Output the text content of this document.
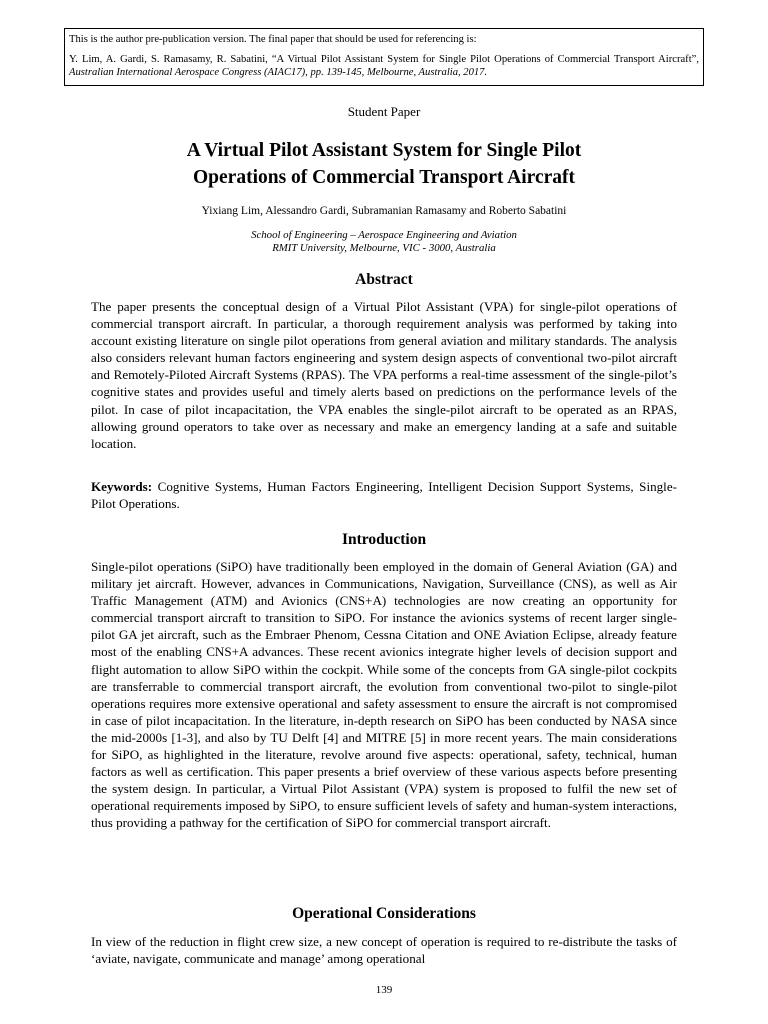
This is the author pre-publication version. The final paper that should be used for referencing is:

Y. Lim, A. Gardi, S. Ramasamy, R. Sabatini, “A Virtual Pilot Assistant System for Single Pilot Operations of Commercial Transport Aircraft”, Australian International Aerospace Congress (AIAC17), pp. 139-145, Melbourne, Australia, 2017.

Student Paper
A Virtual Pilot Assistant System for Single Pilot
Operations of Commercial Transport Aircraft
Yixiang Lim, Alessandro Gardi, Subramanian Ramasamy and Roberto Sabatini
School of Engineering – Aerospace Engineering and Aviation
RMIT University, Melbourne, VIC - 3000, Australia
Abstract

The paper presents the conceptual design of a Virtual Pilot Assistant (VPA) for single-pilot operations of commercial transport aircraft. In particular, a thorough requirement analysis was performed by taking into account existing literature on single pilot operations from general aviation and military standards. The analysis also considers relevant human factors engineering and system design aspects of conventional two-pilot aircraft and Remotely-Piloted Aircraft Systems (RPAS). The VPA performs a real-time assessment of the single-pilot’s cognitive states and provides useful and timely alerts based on predictions on the performance levels of the pilot. In case of pilot incapacitation, the VPA enables the single-pilot aircraft to be operated as an RPAS, allowing ground operators to take over as necessary and make an emergency landing at a safe and suitable location.

Keywords: Cognitive Systems, Human Factors Engineering, Intelligent Decision Support Systems, Single-Pilot Operations.

Introduction

Single-pilot operations (SiPO) have traditionally been employed in the domain of General Aviation (GA) and military jet aircraft. However, advances in Communications, Navigation, Surveillance (CNS), as well as Air Traffic Management (ATM) and Avionics (CNS+A) technologies are now creating an opportunity for commercial transport aircraft to transition to SiPO. For instance the avionics systems of recent larger single-pilot GA jet aircraft, such as the Embraer Phenom, Cessna Citation and ONE Aviation Eclipse, already feature most of the enabling CNS+A advances. These recent avionics integrate higher levels of decision support and flight automation to allow SiPO within the cockpit. While some of the concepts from GA single-pilot cockpits are transferrable to commercial transport aircraft, the evolution from conventional two-pilot to single-pilot operations requires more extensive operational and safety assessment to ensure the aircraft is not compromised in case of pilot incapacitation. In the literature, in-depth research on SiPO has been conducted by NASA since the mid-2000s [1-3], and also by TU Delft [4] and MITRE [5] in more recent years. The main considerations for SiPO, as highlighted in the literature, revolve around five aspects: operational, safety, technical, human factors as well as certification. This paper presents a brief overview of these various aspects before presenting the system design. In particular, a Virtual Pilot Assistant (VPA) system is proposed to fulfil the new set of operational requirements imposed by SiPO, to ensure sufficient levels of safety and human-system interactions, thus providing a pathway for the certification of SiPO for commercial transport aircraft.

Operational Considerations

In view of the reduction in flight crew size, a new concept of operation is required to re-distribute the tasks of ‘aviate, navigate, communicate and manage’ among operational

139
